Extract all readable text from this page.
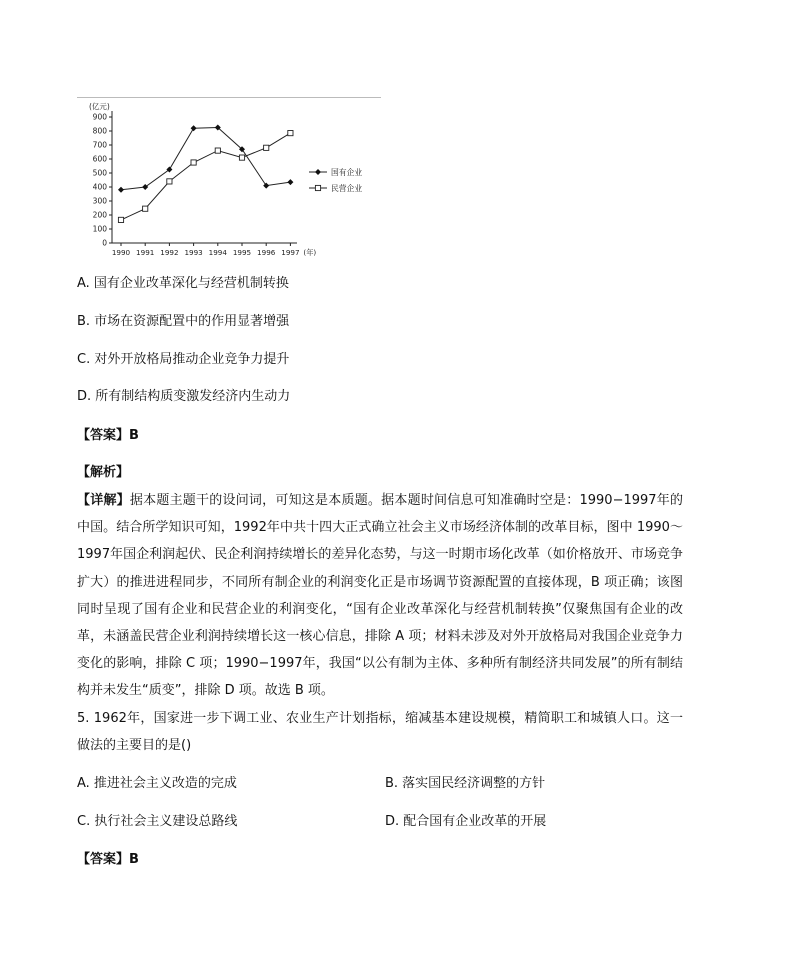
(亿元)
0
100
200
300
400
500
600
700
800
900
1990 1991 1992 1993 1994 1995 1996 1997 (年)
国有企业
民营企业
A. 国有企业改革深化与经营机制转换
B. 市场在资源配置中的作用显著增强
C. 对外开放格局推动企业竞争力提升
D. 所有制结构质变激发经济内生动力
【答案】B
【解析】
【详解】据本题主题干的设问词，可知这是本质题。据本题时间信息可知准确时空是：1990−1997年的中国。结合所学知识可知，1992年中共十四大正式确立社会主义市场经济体制的改革目标，图中 1990～1997年国企利润起伏、民企利润持续增长的差异化态势，与这一时期市场化改革（如价格放开、市场竞争扩大）的推进进程同步，不同所有制企业的利润变化正是市场调节资源配置的直接体现，B 项正确；该图同时呈现了国有企业和民营企业的利润变化，“国有企业改革深化与经营机制转换”仅聚焦国有企业的改革，未涵盖民营企业利润持续增长这一核心信息，排除 A 项；材料未涉及对外开放格局对我国企业竞争力变化的影响，排除 C 项；1990−1997年，我国“以公有制为主体、多种所有制经济共同发展”的所有制结构并未发生“质变”，排除 D 项。故选 B 项。
5. 1962年，国家进一步下调工业、农业生产计划指标，缩减基本建设规模，精简职工和城镇人口。这一做法的主要目的是()
A. 推进社会主义改造的完成	B. 落实国民经济调整的方针
C. 执行社会主义建设总路线	D. 配合国有企业改革的开展
【答案】B
